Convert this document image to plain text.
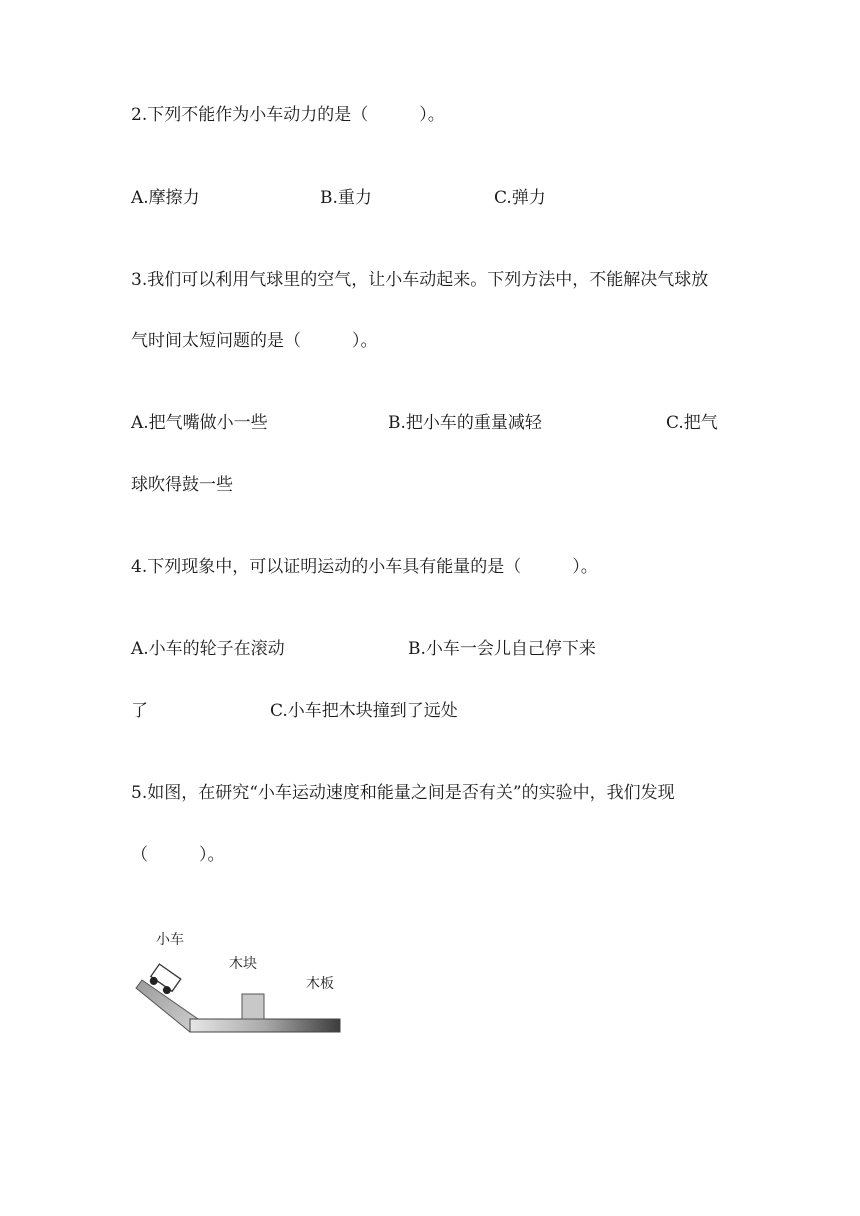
2.下列不能作为小车动力的是（　　　）。
A.摩擦力	B.重力	C.弹力
3.我们可以利用气球里的空气，让小车动起来。下列方法中，不能解决气球放
气时间太短问题的是（　　　）。
A.把气嘴做小一些	B.把小车的重量减轻	C.把气
球吹得鼓一些
4.下列现象中，可以证明运动的小车具有能量的是（　　　）。
A.小车的轮子在滚动	B.小车一会儿自己停下来
了	C.小车把木块撞到了远处
5.如图，在研究“小车运动速度和能量之间是否有关”的实验中，我们发现
（　　　）。
小车
木块
木板
